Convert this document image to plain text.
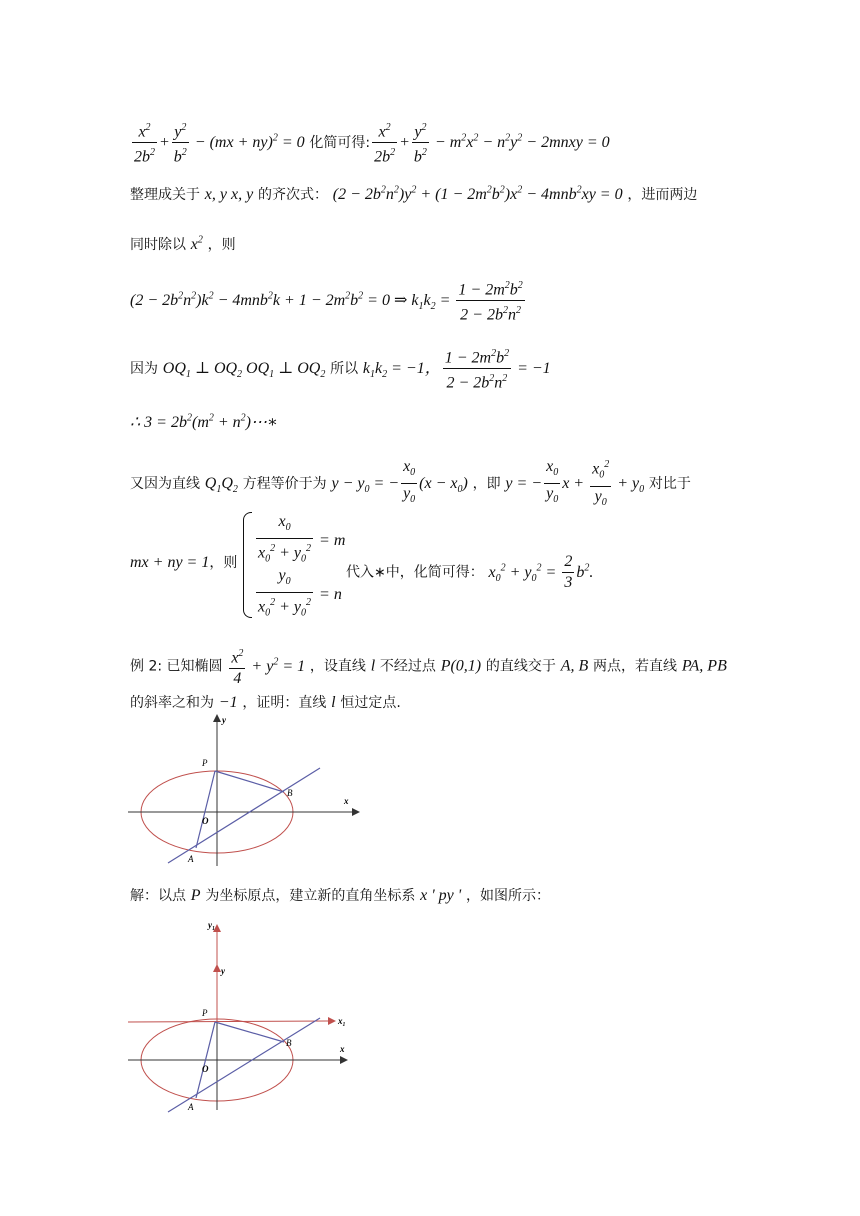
$\frac{x^2}{2b^2} + \frac{y^2}{b^2} - (mx + ny)^2 = 0$ 化简可得: $\frac{x^2}{2b^2} + \frac{y^2}{b^2} - m^2x^2 - n^2y^2$ − 2mnxy = 0
整理成关于 x, y x, y 的齐次式： $(2 - 2b^2n^2)y^2 + (1 - 2m^2b^2)x^2 - 4mnb^2xy = 0$ ，进而两边
同时除以 $x^2$ ，则
$(2 - 2b^2n^2)k^2 - 4mnb^2k + 1 - 2m^2b^2 = 0$ ⇒ $k_1k_2 = \frac{1 - 2m^2b^2}{2 - 2b^2n^2}$
因为 $OQ_1$ ⊥ $OQ_2$ $OQ_1$ ⊥ $OQ_2$ 所以 $k_1k_2 = -1$， $\frac{1 - 2m^2b^2}{2 - 2b^2n^2} = -1$
∴ $3 = 2b^2(m^2$ + $n^2)\cdots∗$
又因为直线 $Q_1Q_2$ 方程等价于为 $y - y_0$ = − $\frac{x_0}{y_0} (x - x_0)$ ，即 y = − $\frac{x_0}{y_0}$ $x + \frac{x_0^2}{y_0} + y_0$ 对比于
mx + ny = 1，则 $\frac{x_0}{x_0^2 + y_0^2} = m$
$\frac{y_0}{x_0^2 + y_0^2} = n$
代入∗中，化简可得： $x_0^2 + y_0^2 = \frac{2}{3} b^2$.
例 2: 已知椭圆 $\frac{x^2}{4} + y^2 = 1$ ，设直线 l 不经过点 P(0,1) 的直线交于 A, B 两点，若直线 PA, PB
的斜率之和为 −1 ，证明：直线 l 恒过定点.
y
x
P
B
O
A
解：以点 P 为坐标原点，建立新的直角坐标系 x ' py ' ，如图所示：
y₁
y
P
x₁
x
B
O
A
